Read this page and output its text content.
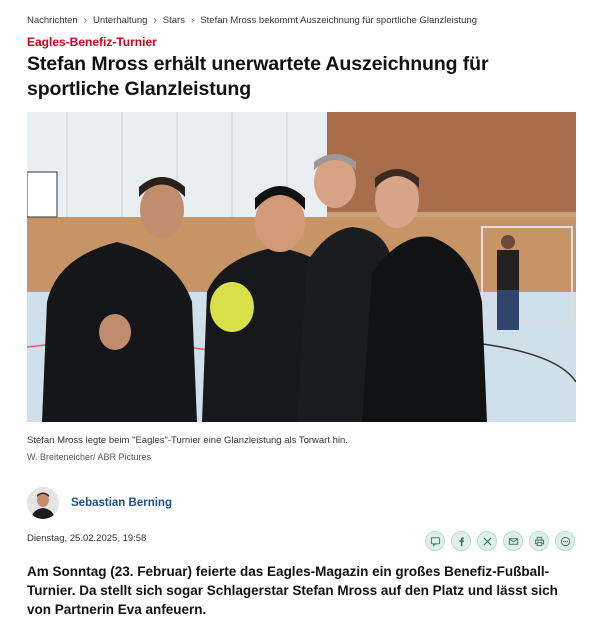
Nachrichten › Unterhaltung › Stars › Stefan Mross bekommt Auszeichnung für sportliche Glanzleistung
Eagles-Benefiz-Turnier
Stefan Mross erhält unerwartete Auszeichnung für sportliche Glanzleistung
Stefan Mross legte beim "Eagles"-Turnier eine Glanzleistung als Torwart hin.
W. Breiteneicher/ ABR Pictures
Sebastian Berning
Dienstag, 25.02.2025, 19:58

Am Sonntag (23. Februar) feierte das Eagles-Magazin ein großes Benefiz-Fußball-Turnier. Da stellt sich sogar Schlagerstar Stefan Mross auf den Platz und lässt sich von Partnerin Eva anfeuern.
